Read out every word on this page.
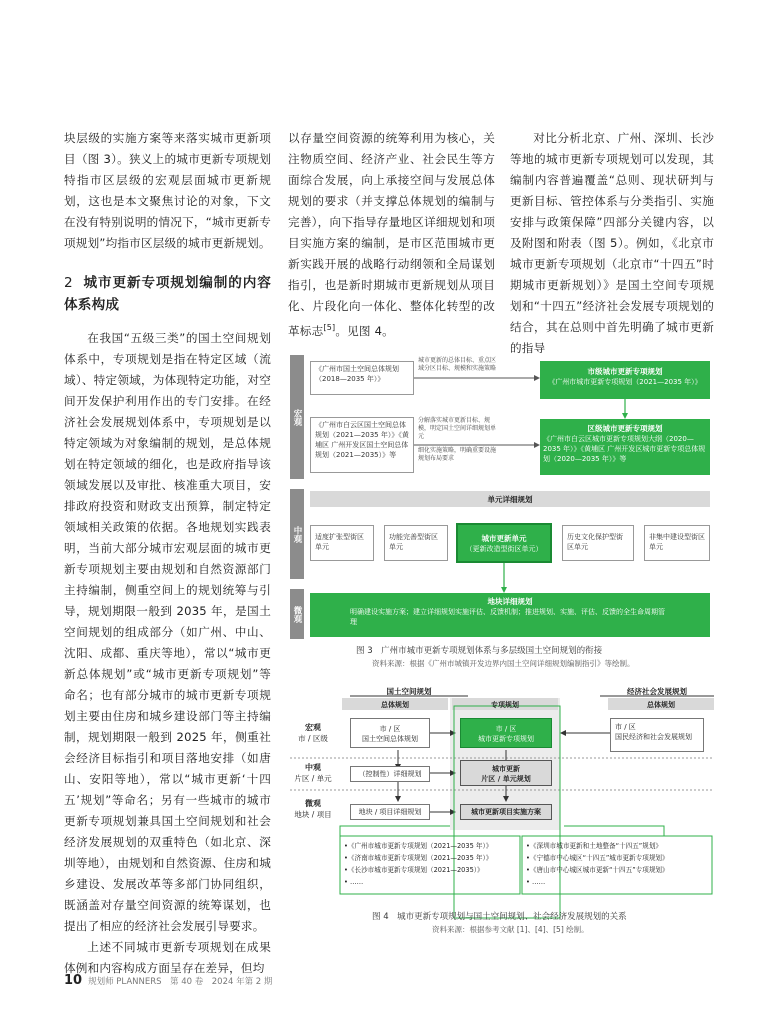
块层级的实施方案等来落实城市更新项目（图 3）。狭义上的城市更新专项规划特指市区层级的宏观层面城市更新规划，这也是本文聚焦讨论的对象，下文在没有特别说明的情况下，“城市更新专项规划”均指市区层级的城市更新规划。

2 城市更新专项规划编制的内容体系构成

在我国“五级三类”的国土空间规划体系中，专项规划是指在特定区域（流域）、特定领域，为体现特定功能，对空间开发保护利用作出的专门安排。在经济社会发展规划体系中，专项规划是以特定领域为对象编制的规划，是总体规划在特定领域的细化，也是政府指导该领域发展以及审批、核准重大项目，安排政府投资和财政支出预算，制定特定领域相关政策的依据。各地规划实践表明，当前大部分城市宏观层面的城市更新专项规划主要由规划和自然资源部门主持编制，侧重空间上的规划统筹与引导，规划期限一般到 2035 年，是国土空间规划的组成部分（如广州、中山、沈阳、成都、重庆等地），常以“城市更新总体规划”或“城市更新专项规划”等命名；也有部分城市的城市更新专项规划主要由住房和城乡建设部门等主持编制，规划期限一般到 2025 年，侧重社会经济目标指引和项目落地安排（如唐山、安阳等地），常以“城市更新‘十四五’规划”等命名；另有一些城市的城市更新专项规划兼具国土空间规划和社会经济发展规划的双重特色（如北京、深圳等地），由规划和自然资源、住房和城乡建设、发展改革等多部门协同组织，既涵盖对存量空间资源的统筹谋划，也提出了相应的经济社会发展引导要求。

上述不同城市更新专项规划在成果体例和内容构成方面呈存在差异，但均

以存量空间资源的统筹利用为核心，关注物质空间、经济产业、社会民生等方面综合发展，向上承接空间与发展总体规划的要求（并支撑总体规划的编制与完善），向下指导存量地区详细规划和项目实施方案的编制，是市区范围城市更新实践开展的战略行动纲领和全局谋划指引，也是新时期城市更新规划从项目化、片段化向一体化、整体化转型的改革标志[5]。见图 4。

对比分析北京、广州、深圳、长沙等地的城市更新专项规划可以发现，其编制内容普遍覆盖“总则、现状研判与更新目标、管控体系与分类指引、实施安排与政策保障”四部分关键内容，以及附图和附表（图 5）。例如，《北京市城市更新专项规划（北京市“十四五”时期城市更新规划）》是国土空间专项规划和“十四五”经济社会发展专项规划的结合，其在总则中首先明确了城市更新的指导

宏观
中观
微观
《广州市国土空间总体规划（2018—2035 年）》
城市更新的总体目标、重点区域分区目标、规模和实施策略	市级城市更新专项规划
《广州市城市更新专项规划（2021—2035 年）》
《广州市白云区国土空间总体规划（2021—2035 年）》《黄埔区 广州开发区国土空间总体规划（2021—2035）》等
分解落实城市更新目标、规模，明定国土空间详细规划单元
细化实施策略，明确重要设施规划布局要求
区级城市更新专项规划
《广州市白云区城市更新专项规划大纲（2020—2035 年）》《黄埔区 广州开发区城市更新专项总体规划（2020—2035 年）》等
单元详细规划
适度扩张型街区单元
功能完善型街区单元
城市更新单元
（更新改造型街区单元）
历史文化保护型街区单元
非集中建设型街区单元
地块详细规划
明确建设实施方案；建立详细规划实施评估、反馈机制；推进规划、实施、评估、反馈的全生命周期管理
图 3　广州市城市更新专项规划体系与多层级国土空间规划的衔接
资料来源：根据《广州市城镇开发边界内国土空间详细规划编制指引》等绘制。
国土空间规划	经济社会发展规划
总体规划	专项规划	总体规划
宏观
市 / 区级
中观
片区 / 单元
微观
地块 / 项目
市 / 区
国土空间总体规划
（控制性）详细规划
地块 / 项目详细规划
市 / 区
城市更新专项规划
城市更新
片区 / 单元规划
城市更新项目实施方案
市 / 区
国民经济和社会发展规划
•《广州市城市更新专项规划（2021—2035 年）》
•《济南市城市更新专项规划（2021—2035 年）》
•《长沙市城市更新专项规划（2021—2035）》
• ……
•《深圳市城市更新和土地整备“十四五”规划》
•《宁德市中心城区“十四五”城市更新专项规划》
•《唐山市中心城区城市更新“十四五”专项规划》
• ……
图 4　城市更新专项规划与国土空间规划、社会经济发展规划的关系
资料来源：根据参考文献 [1]、[4]、[5] 绘制。
10 规划师 PLANNERS　第 40 卷　2024 年第 2 期
